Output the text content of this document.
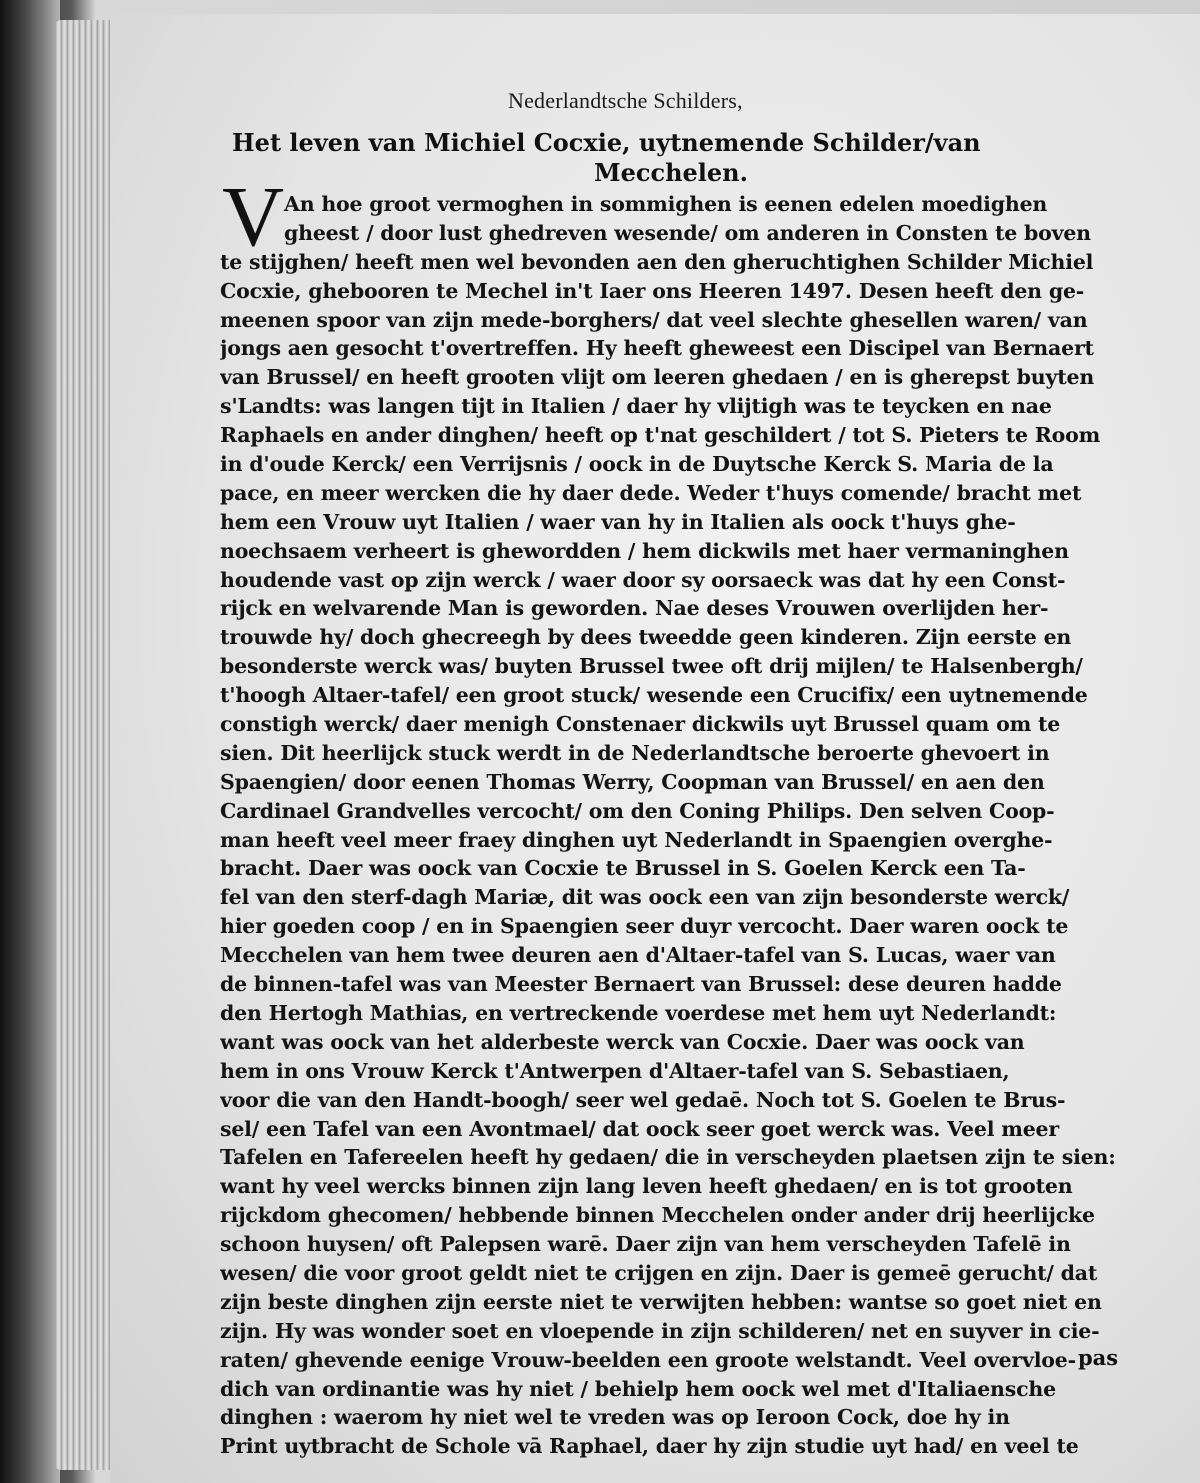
Nederlandtsche Schilders,
Het leven van Michiel Cocxie, uytnemende Schilder/van
Mecchelen.
V An hoe groot vermoghen in sommighen is eenen edelen moedighen
gheest / door lust ghedreven wesende/ om anderen in Consten te boven
te stijghen/ heeft men wel bevonden aen den gheruchtighen Schilder Michiel
Cocxie, ghebooren te Mechel in't Iaer ons Heeren 1497. Desen heeft den ge-
meenen spoor van zijn mede-borghers/ dat veel slechte ghesellen waren/ van
jongs aen gesocht t'overtreffen. Hy heeft gheweest een Discipel van Bernaert
van Brussel/ en heeft grooten vlijt om leeren ghedaen / en is gherepst buyten
s'Landts: was langen tijt in Italien / daer hy vlijtigh was te teycken en nae
Raphaels en ander dinghen/ heeft op t'nat geschildert / tot S. Pieters te Room
in d'oude Kerck/ een Verrijsnis / oock in de Duytsche Kerck S. Maria de la
pace, en meer wercken die hy daer dede. Weder t'huys comende/ bracht met
hem een Vrouw uyt Italien / waer van hy in Italien als oock t'huys ghe-
noechsaem verheert is ghewordden / hem dickwils met haer vermaninghen
houdende vast op zijn werck / waer door sy oorsaeck was dat hy een Const-
rijck en welvarende Man is geworden. Nae deses Vrouwen overlijden her-
trouwde hy/ doch ghecreegh by dees tweedde geen kinderen. Zijn eerste en
besonderste werck was/ buyten Brussel twee oft drij mijlen/ te Halsenbergh/
t'hoogh Altaer-tafel/ een groot stuck/ wesende een Crucifix/ een uytnemende
constigh werck/ daer menigh Constenaer dickwils uyt Brussel quam om te
sien. Dit heerlijck stuck werdt in de Nederlandtsche beroerte ghevoert in
Spaengien/ door eenen Thomas Werry, Coopman van Brussel/ en aen den
Cardinael Grandvelles vercocht/ om den Coning Philips. Den selven Coop-
man heeft veel meer fraey dinghen uyt Nederlandt in Spaengien overghe-
bracht. Daer was oock van Cocxie te Brussel in S. Goelen Kerck een Ta-
fel van den sterf-dagh Mariæ, dit was oock een van zijn besonderste werck/
hier goeden coop / en in Spaengien seer duyr vercocht. Daer waren oock te
Mecchelen van hem twee deuren aen d'Altaer-tafel van S. Lucas, waer van
de binnen-tafel was van Meester Bernaert van Brussel: dese deuren hadde
den Hertogh Mathias, en vertreckende voerdese met hem uyt Nederlandt:
want was oock van het alderbeste werck van Cocxie. Daer was oock van
hem in ons Vrouw Kerck t'Antwerpen d'Altaer-tafel van S. Sebastiaen,
voor die van den Handt-boogh/ seer wel gedaē. Noch tot S. Goelen te Brus-
sel/ een Tafel van een Avontmael/ dat oock seer goet werck was. Veel meer
Tafelen en Tafereelen heeft hy gedaen/ die in verscheyden plaetsen zijn te sien:
want hy veel wercks binnen zijn lang leven heeft ghedaen/ en is tot grooten
rijckdom ghecomen/ hebbende binnen Mecchelen onder ander drij heerlijcke
schoon huysen/ oft Palepsen warē. Daer zijn van hem verscheyden Tafelē in
wesen/ die voor groot geldt niet te crijgen en zijn. Daer is gemeē gerucht/ dat
zijn beste dinghen zijn eerste niet te verwijten hebben: wantse so goet niet en
zijn. Hy was wonder soet en vloepende in zijn schilderen/ net en suyver in cie-
raten/ ghevende eenige Vrouw-beelden een groote welstandt. Veel overvloe-
dich van ordinantie was hy niet / behielp hem oock wel met d'Italiaensche
dinghen : waerom hy niet wel te vreden was op Ieroon Cock, doe hy in
Print uytbracht de Schole vā Raphael, daer hy zijn studie uyt had/ en veel te
pas
